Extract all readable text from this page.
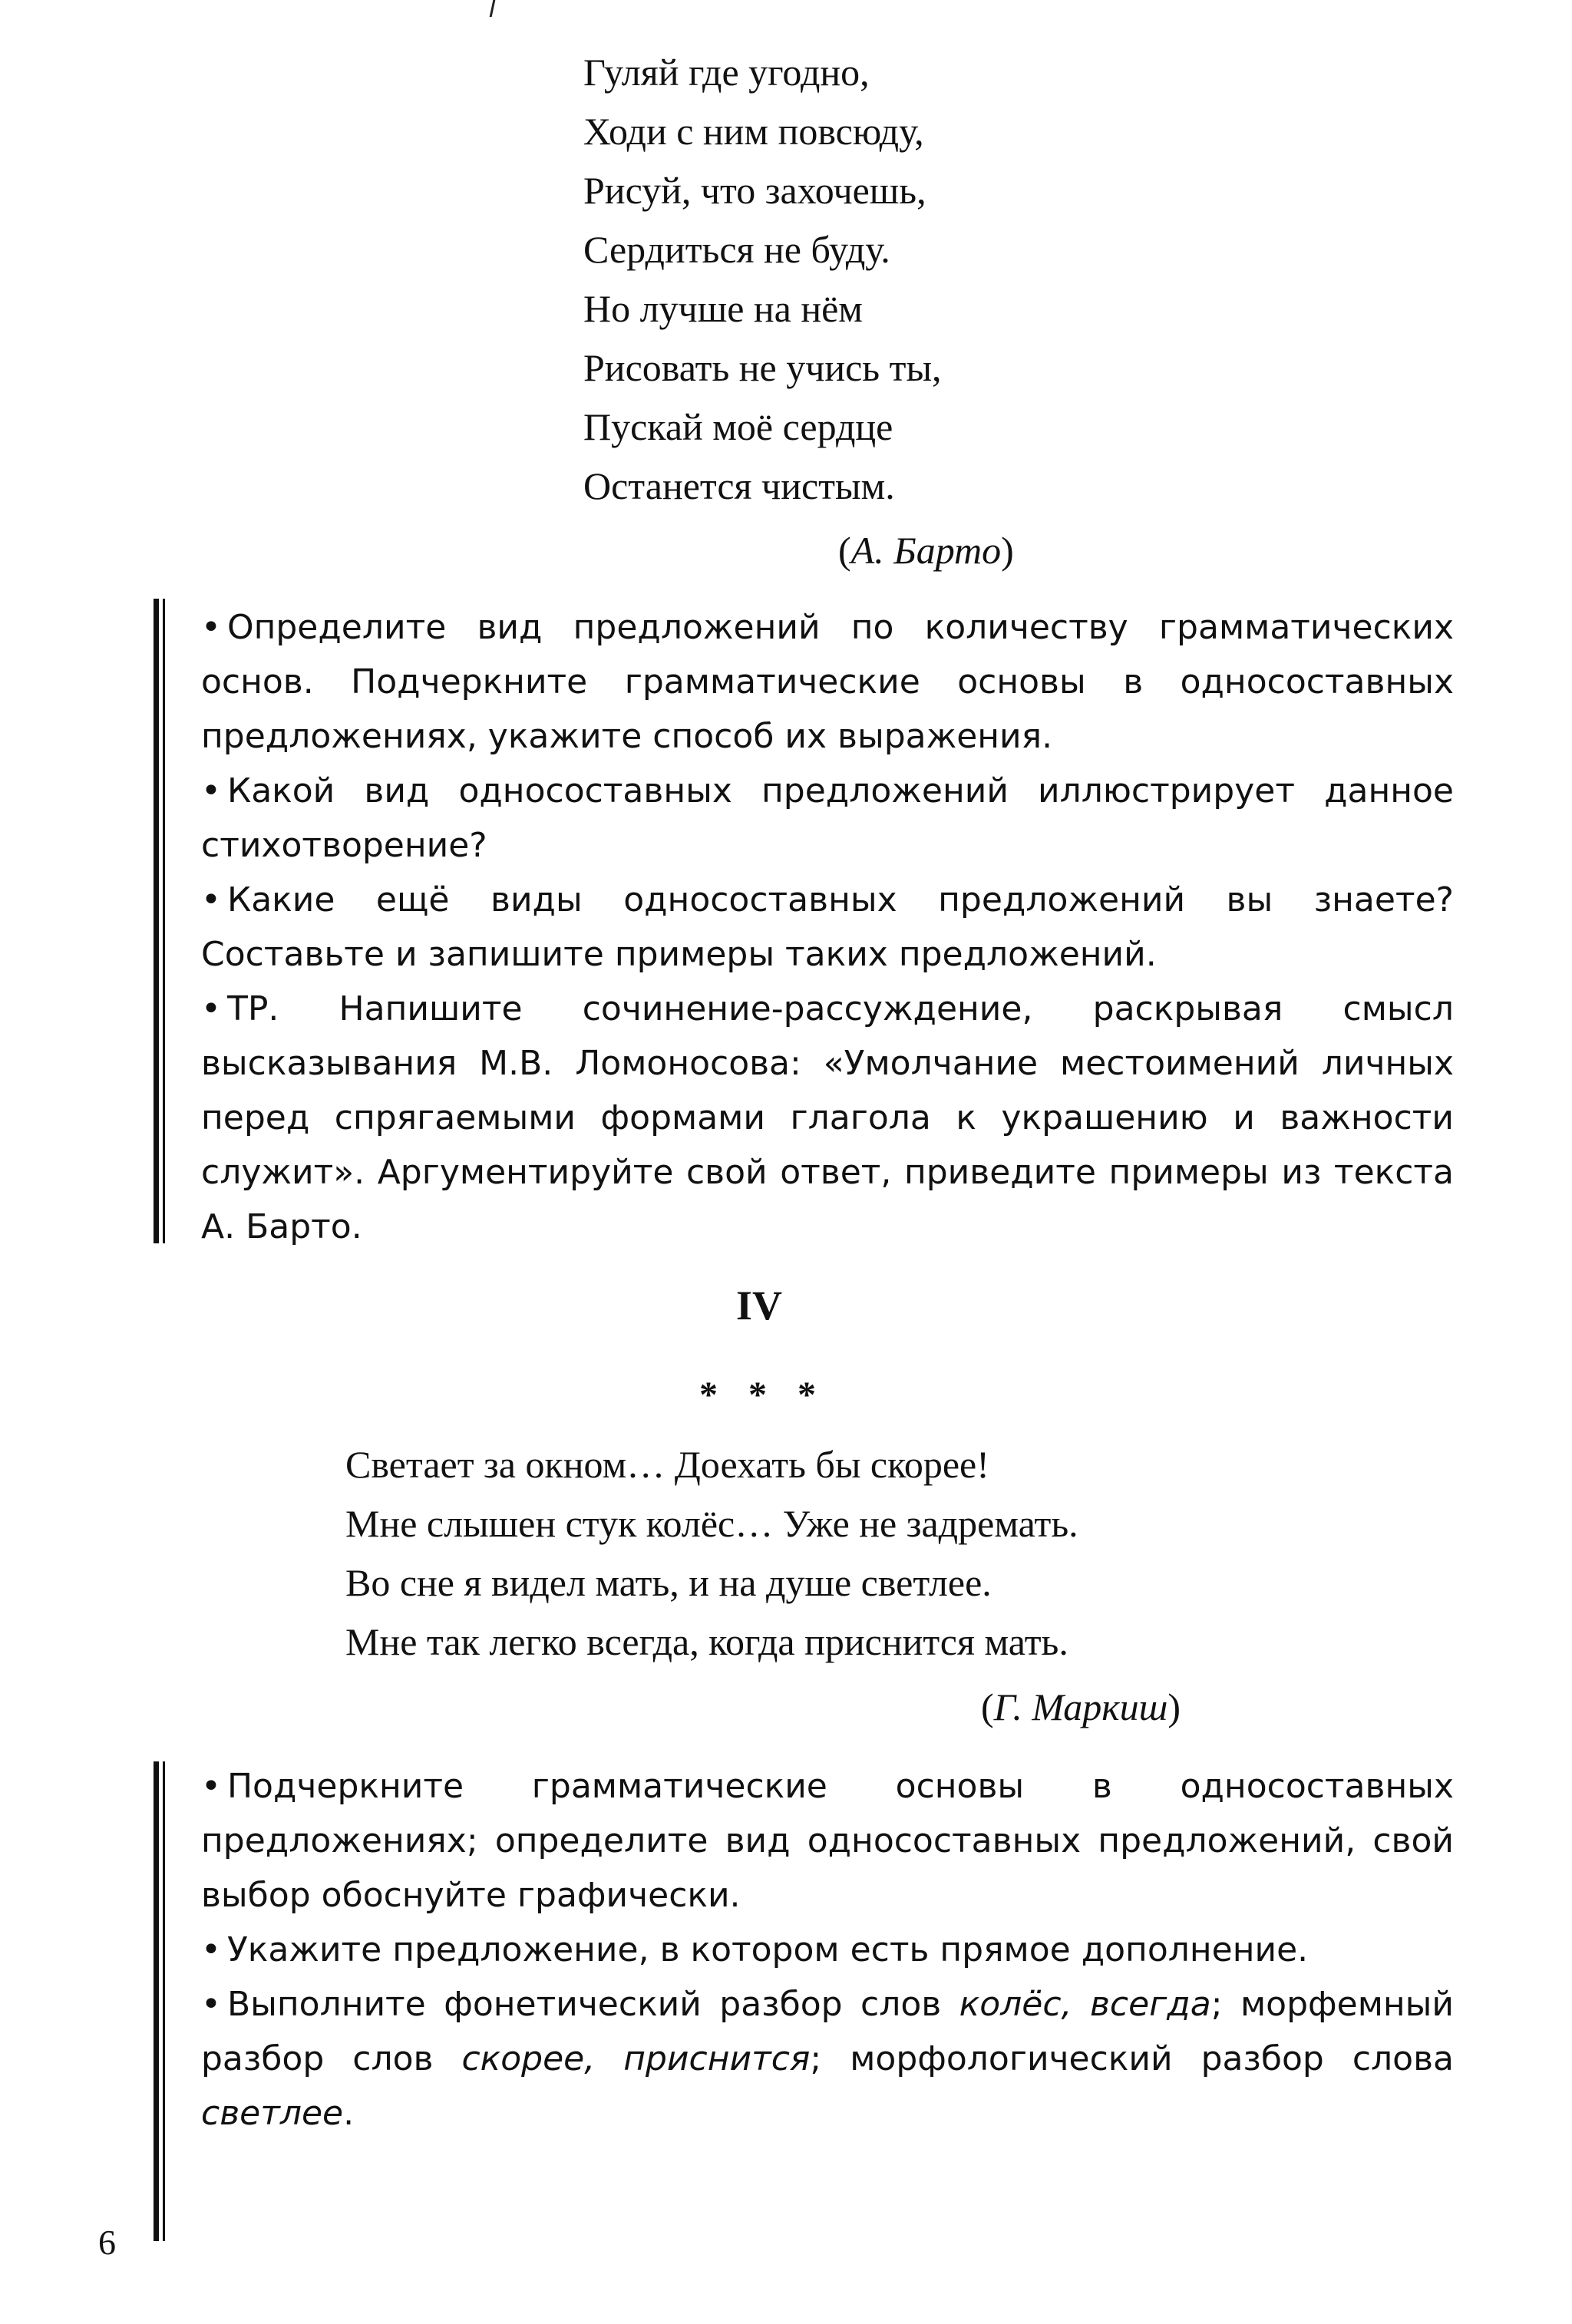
Гуляй где угодно,
Ходи с ним повсюду,
Рисуй, что захочешь,
Сердиться не буду.
Но лучше на нём
Рисовать не учись ты,
Пускай моё сердце
Останется чистым.
(А. Барто)

• Определите вид предложений по количеству грамматических основ. Подчеркните грамматические основы в односоставных предложениях, укажите способ их выражения.

• Какой вид односоставных предложений иллюстрирует данное стихотворение?

• Какие ещё виды односоставных предложений вы знаете? Составьте и запишите примеры таких предложений.

• ТР. Напишите сочинение-рассуждение, раскрывая смысл высказывания М.В. Ломоносова: «Умолчание местоимений личных перед спрягаемыми формами глагола к украшению и важности служит». Аргументируйте свой ответ, приведите примеры из текста А. Барто.

IV
* * *
Светает за окном… Доехать бы скорее!
Мне слышен стук колёс… Уже не задремать.
Во сне я видел мать, и на душе светлее.
Мне так легко всегда, когда приснится мать.
(Г. Маркиш)

• Подчеркните грамматические основы в односоставных предложениях; определите вид односоставных предложений, свой выбор обоснуйте графически.

• Укажите предложение, в котором есть прямое дополнение.

• Выполните фонетический разбор слов колёс, всегда; морфемный разбор слов скорее, приснится; морфологический разбор слова светлее.

6
